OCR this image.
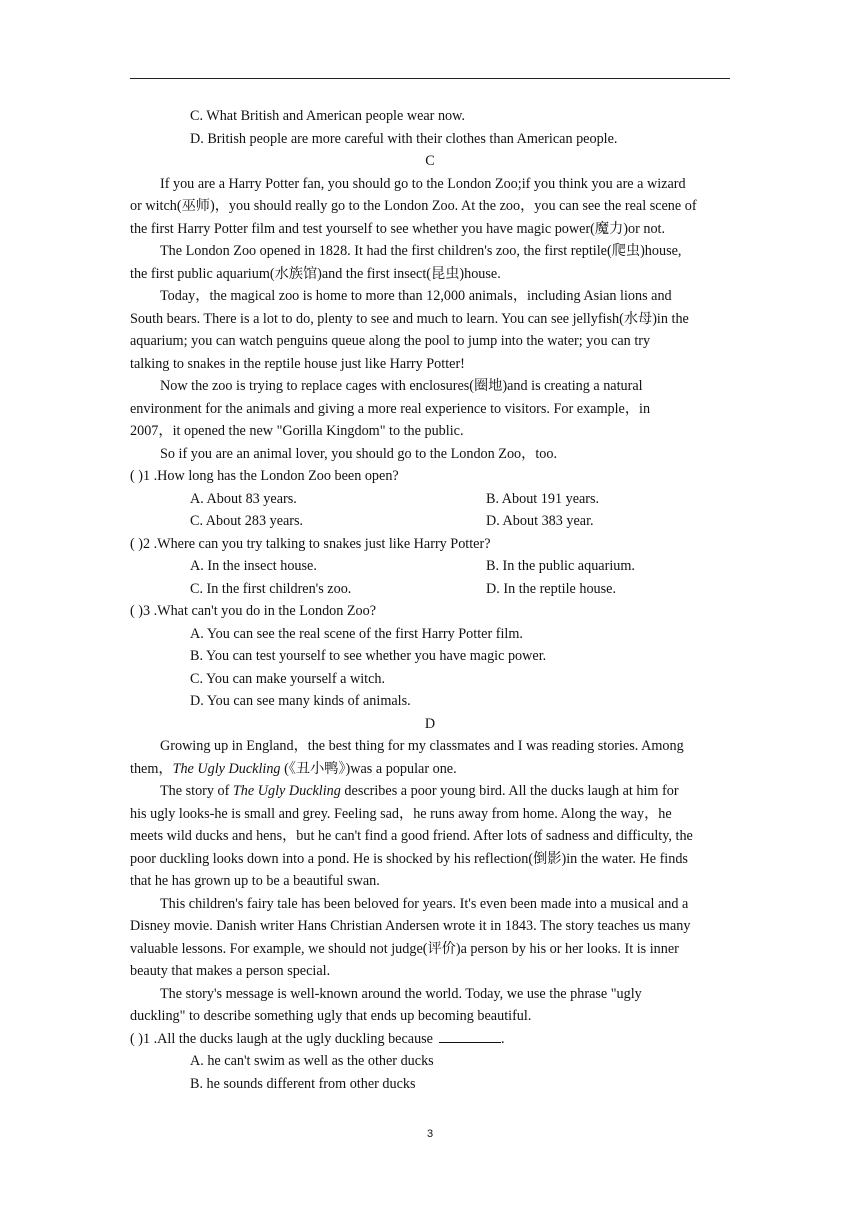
C. What British and American people wear now.
D. British people are more careful with their clothes than American people.
C
If you are a Harry Potter fan, you should go to the London Zoo;if you think you are a wizard
or witch(巫师)，you should really go to the London Zoo. At the zoo，you can see the real scene of
the first Harry Potter film and test yourself to see whether you have magic power(魔力)or not.
The London Zoo opened in 1828. It had the first children's zoo, the first reptile(爬虫)house,
the first public aquarium(水族馆)and the first insect(昆虫)house.
Today，the magical zoo is home to more than 12,000 animals，including Asian lions and
South bears. There is a lot to do, plenty to see and much to learn. You can see jellyfish(水母)in the
aquarium; you can watch penguins queue along the pool to jump into the water; you can try
talking to snakes in the reptile house just like Harry Potter!
Now the zoo is trying to replace cages with enclosures(圈地)and is creating a natural
environment for the animals and giving a more real experience to visitors. For example，in
2007，it opened the new "Gorilla Kingdom" to the public.
So if you are an animal lover, you should go to the London Zoo，too.
( )1 .How long has the London Zoo been open?
A. About 83 years.	B. About 191 years.
C. About 283 years.	D. About 383 year.
( )2 .Where can you try talking to snakes just like Harry Potter?
A. In the insect house.	B. In the public aquarium.
C. In the first children's zoo.	D. In the reptile house.
( )3 .What can't you do in the London Zoo?
A. You can see the real scene of the first Harry Potter film.
B. You can test yourself to see whether you have magic power.
C. You can make yourself a witch.
D. You can see many kinds of animals.
D
Growing up in England，the best thing for my classmates and I was reading stories. Among
them，The Ugly Duckling (《丑小鸭》)was a popular one.
The story of The Ugly Duckling describes a poor young bird. All the ducks laugh at him for
his ugly looks-he is small and grey. Feeling sad，he runs away from home. Along the way，he
meets wild ducks and hens，but he can't find a good friend. After lots of sadness and difficulty, the
poor duckling looks down into a pond. He is shocked by his reflection(倒影)in the water. He finds
that he has grown up to be a beautiful swan.
This children's fairy tale has been beloved for years. It's even been made into a musical and a
Disney movie. Danish writer Hans Christian Andersen wrote it in 1843. The story teaches us many
valuable lessons. For example, we should not judge(评价)a person by his or her looks. It is inner
beauty that makes a person special.
The story's message is well-known around the world. Today, we use the phrase "ugly
duckling" to describe something ugly that ends up becoming beautiful.
( )1 .All the ducks laugh at the ugly duckling because	.
A. he can't swim as well as the other ducks
B. he sounds different from other ducks
3
